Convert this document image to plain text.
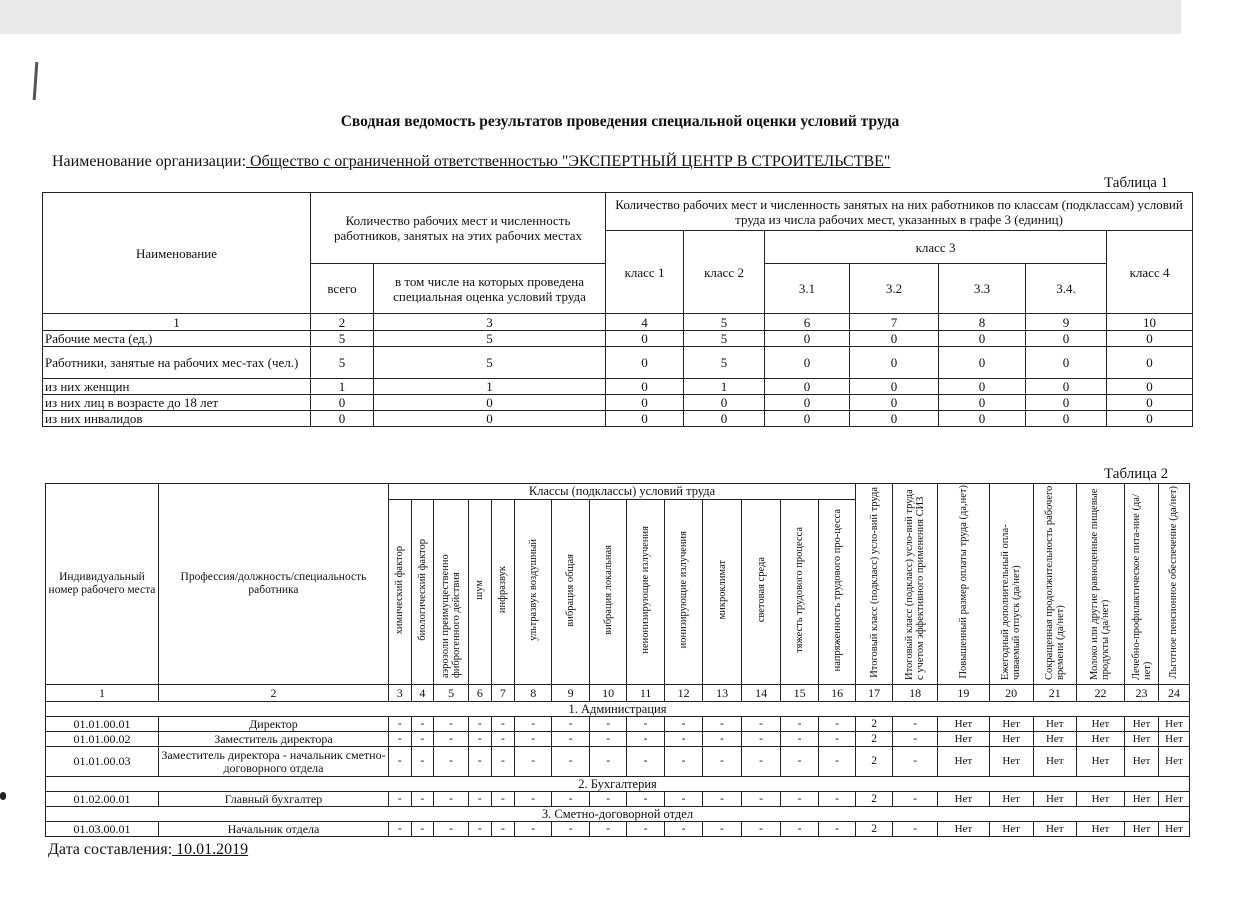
Сводная ведомость результатов проведения специальной оценки условий труда
Наименование организации: Общество с ограниченной ответственностью "ЭКСПЕРТНЫЙ ЦЕНТР В СТРОИТЕЛЬСТВЕ"
Таблица 1
Наименование	Количество рабочих мест и численность работников, занятых на этих рабочих местах		Количество рабочих мест и численность занятых на них работников по классам (подклассам) условий труда из числа рабочих мест, указанных в графе 3 (единиц)						
			класс 1	класс 2	класс 3				класс 4
	всего	в том числе на которых проведена специальная оценка условий труда			3.1	3.2	3.3	3.4.	
1	2	3	4	5	6	7	8	9	10
Рабочие места (ед.)	5	5	0	5	0	0	0	0	0
Работники, занятые на рабочих мес-тах (чел.)	5	5	0	5	0	0	0	0	0
из них женщин	1	1	0	1	0	0	0	0	0
из них лиц в возрасте до 18 лет	0	0	0	0	0	0	0	0	0
из них инвалидов	0	0	0	0	0	0	0	0	0
Таблица 2
Индивидуальный номер рабочего места	Профессия/должность/специальность работника	Классы (подклассы) условий труда														Итоговый класс (подкласс) усло-вий труда	Итоговый класс (подкласс) усло-вий труда с учетом эффективного применения СИЗ	Повышенный размер оплаты труда (да,нет)	Ежегодный дополнительный опла-чиваемый отпуск (да/нет)	Сокращенная продолжительность рабочего времени (да/нет)	Молоко или другие равноценные пищевые продукты (да/нет)	Лечебно-профилактическое пита-ние (да/нет)	Льготное пенсионное обеспечение (да/нет)
		химический фактор	биологический фактор	аэрозоли преимущественно фиброгенного действия	шум	инфразвук	ультразвук воздушный	вибрация общая	вибрация локальная	неионизирующие излучения	ионизирующие излучения	микроклимат	световая среда	тяжесть трудового процесса	напряженность трудового про-цесса								
1	2	3	4	5	6	7	8	9	10	11	12	13	14	15	16	17	18	19	20	21	22	23	24
1. Администрация																							
01.01.00.01	Директор	-	-	-	-	-	-	-	-	-	-	-	-	-	-	2	-	Нет	Нет	Нет	Нет	Нет	Нет
01.01.00.02	Заместитель директора	-	-	-	-	-	-	-	-	-	-	-	-	-	-	2	-	Нет	Нет	Нет	Нет	Нет	Нет
01.01.00.03	Заместитель директора - начальник сметно-договорного отдела	-	-	-	-	-	-	-	-	-	-	-	-	-	-	2	-	Нет	Нет	Нет	Нет	Нет	Нет
2. Бухгалтерия																							
01.02.00.01	Главный бухгалтер	-	-	-	-	-	-	-	-	-	-	-	-	-	-	2	-	Нет	Нет	Нет	Нет	Нет	Нет
3. Сметно-договорной отдел																							
01.03.00.01	Начальник отдела	-	-	-	-	-	-	-	-	-	-	-	-	-	-	2	-	Нет	Нет	Нет	Нет	Нет	Нет
Дата составления: 10.01.2019
